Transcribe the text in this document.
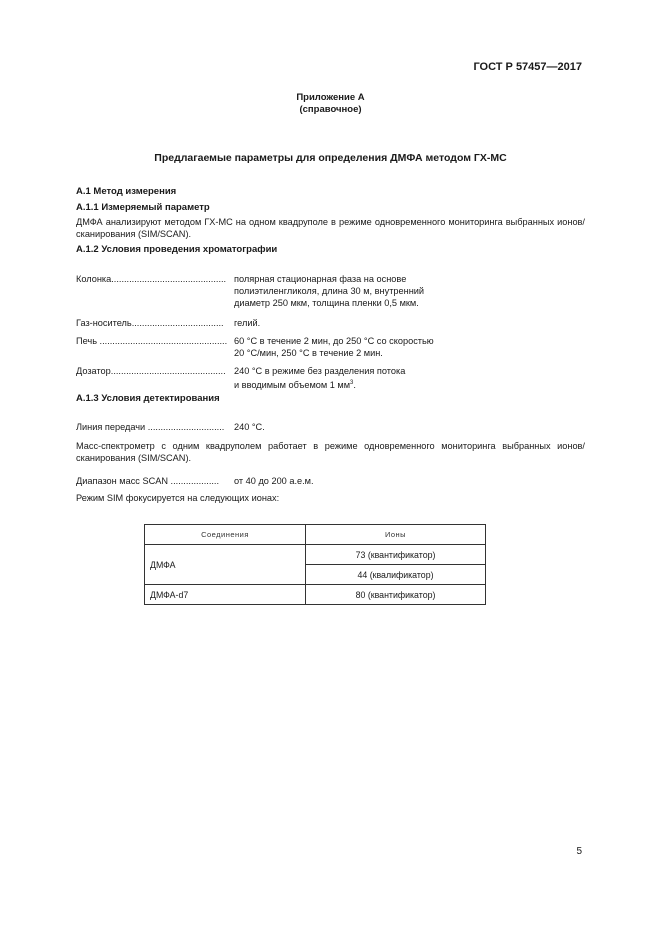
ГОСТ Р 57457—2017
Приложение А
(справочное)
Предлагаемые параметры для определения ДМФА методом ГХ-МС
А.1 Метод измерения
А.1.1 Измеряемый параметр
ДМФА анализируют методом ГХ-МС на одном квадруполе в режиме одновременного мониторинга выбранных ионов/сканирования (SIM/SCAN).
А.1.2 Условия проведения хроматографии
Колонка............................................. полярная стационарная фаза на основе
полиэтиленгликоля, длина 30 м, внутренний
диаметр 250 мкм, толщина пленки 0,5 мкм.
Газ-носитель....................................	гелий.
Печь .................................................. 60 °С в течение 2 мин, до 250 °С со скоростью
20 °С/мин, 250 °С в течение 2 мин.
Дозатор............................................. 240 °С в режиме без разделения потока
и вводимым объемом 1 $мм^3$.
А.1.3 Условия детектирования
Линия передачи ..............................	240 °С.
Масс-спектрометр с одним квадруполем работает в режиме одновременного мониторинга выбранных ионов/сканирования (SIM/SCAN).
Диапазон масс SCAN ...................	от 40 до 200 а.е.м.
Режим SIM фокусируется на следующих ионах:
Соединения	Ионы
ДМФА	73 (квантификатор)
	44 (квалификатор)
ДМФА-d7	80 (квантификатор)
5
